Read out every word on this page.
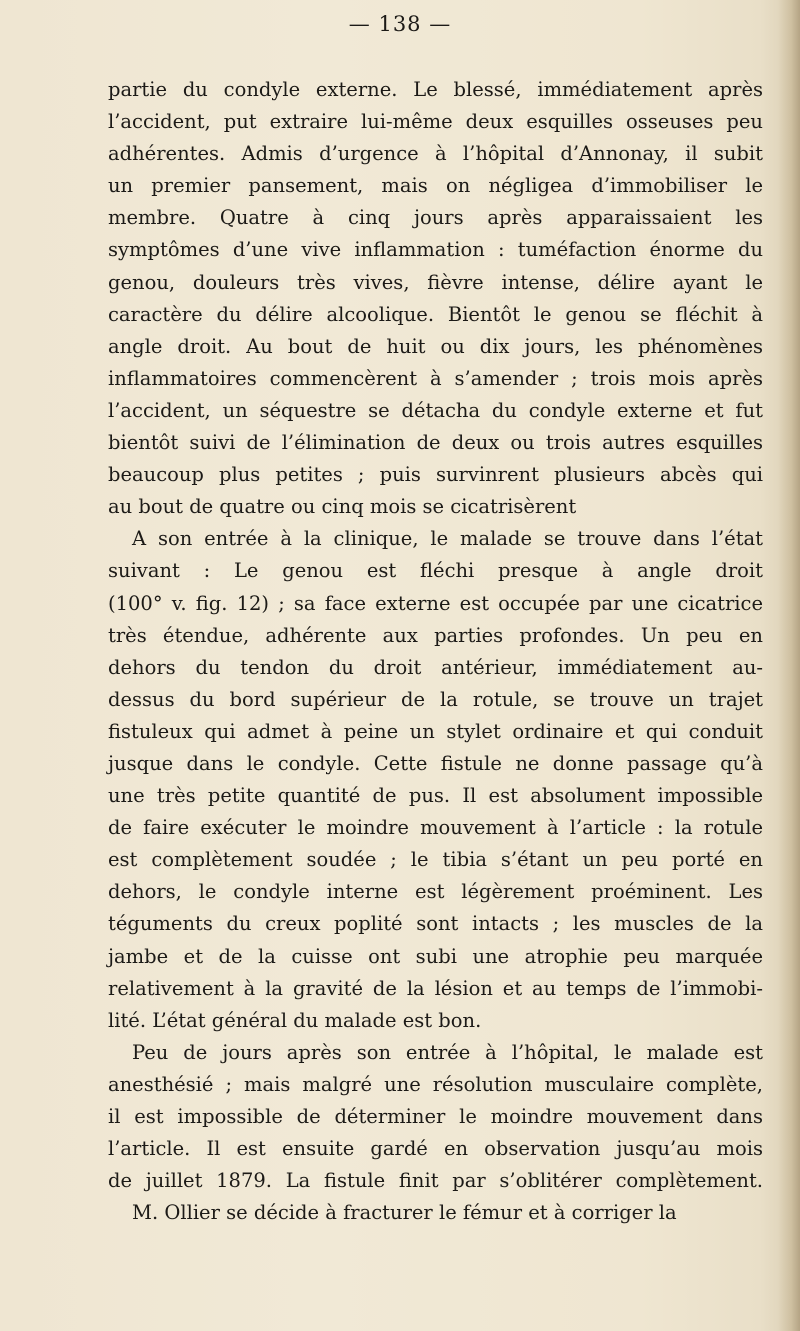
— 138 —
partie du condyle externe. Le blessé, immédiatement après
l’accident, put extraire lui-même deux esquilles osseuses peu
adhérentes. Admis d’urgence à l’hôpital d’Annonay, il subit
un premier pansement, mais on négligea d’immobiliser le
membre. Quatre à cinq jours après apparaissaient les
symptômes d’une vive inflammation : tuméfaction énorme du
genou, douleurs très vives, fièvre intense, délire ayant le
caractère du délire alcoolique. Bientôt le genou se fléchit à
angle droit. Au bout de huit ou dix jours, les phénomènes
inflammatoires commencèrent à s’amender ; trois mois après
l’accident, un séquestre se détacha du condyle externe et fut
bientôt suivi de l’élimination de deux ou trois autres esquilles
beaucoup plus petites ; puis survinrent plusieurs abcès qui
au bout de quatre ou cinq mois se cicatrisèrent
A son entrée à la clinique, le malade se trouve dans l’état
suivant : Le genou est fléchi presque à angle droit
(100° v. fig. 12) ; sa face externe est occupée par une cicatrice
très étendue, adhérente aux parties profondes. Un peu en
dehors du tendon du droit antérieur, immédiatement au-
dessus du bord supérieur de la rotule, se trouve un trajet
fistuleux qui admet à peine un stylet ordinaire et qui conduit
jusque dans le condyle. Cette fistule ne donne passage qu’à
une très petite quantité de pus. Il est absolument impossible
de faire exécuter le moindre mouvement à l’article : la rotule
est complètement soudée ; le tibia s’étant un peu porté en
dehors, le condyle interne est légèrement proéminent. Les
téguments du creux poplité sont intacts ; les muscles de la
jambe et de la cuisse ont subi une atrophie peu marquée
relativement à la gravité de la lésion et au temps de l’immobi-
lité. L’état général du malade est bon.
Peu de jours après son entrée à l’hôpital, le malade est
anesthésié ; mais malgré une résolution musculaire complète,
il est impossible de déterminer le moindre mouvement dans
l’article. Il est ensuite gardé en observation jusqu’au mois
de juillet 1879. La fistule finit par s’oblitérer complètement.
M. Ollier se décide à fracturer le fémur et à corriger la
